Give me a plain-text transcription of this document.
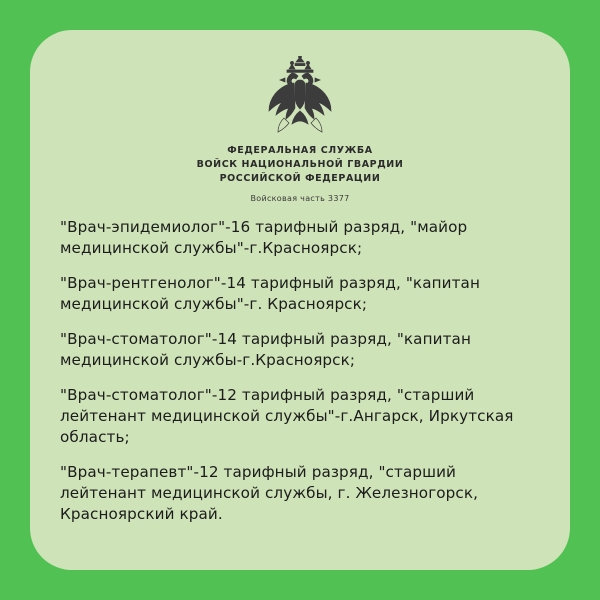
ФЕДЕРАЛЬНАЯ СЛУЖБА
ВОЙСК НАЦИОНАЛЬНОЙ ГВАРДИИ
РОССИЙСКОЙ ФЕДЕРАЦИИ
Войсковая часть 3377

"Врач-эпидемиолог"-16 тарифный разряд, "майор медицинской службы"-г.Красноярск;

"Врач-рентгенолог"-14 тарифный разряд, "капитан медицинской службы"-г. Красноярск;

"Врач-стоматолог"-14 тарифный разряд, "капитан медицинской службы-г.Красноярск;

"Врач-стоматолог"-12 тарифный разряд, "старший лейтенант медицинской службы"-г.Ангарск, Иркутская область;

"Врач-терапевт"-12 тарифный разряд, "старший лейтенант медицинской службы, г. Железногорск, Красноярский край.
